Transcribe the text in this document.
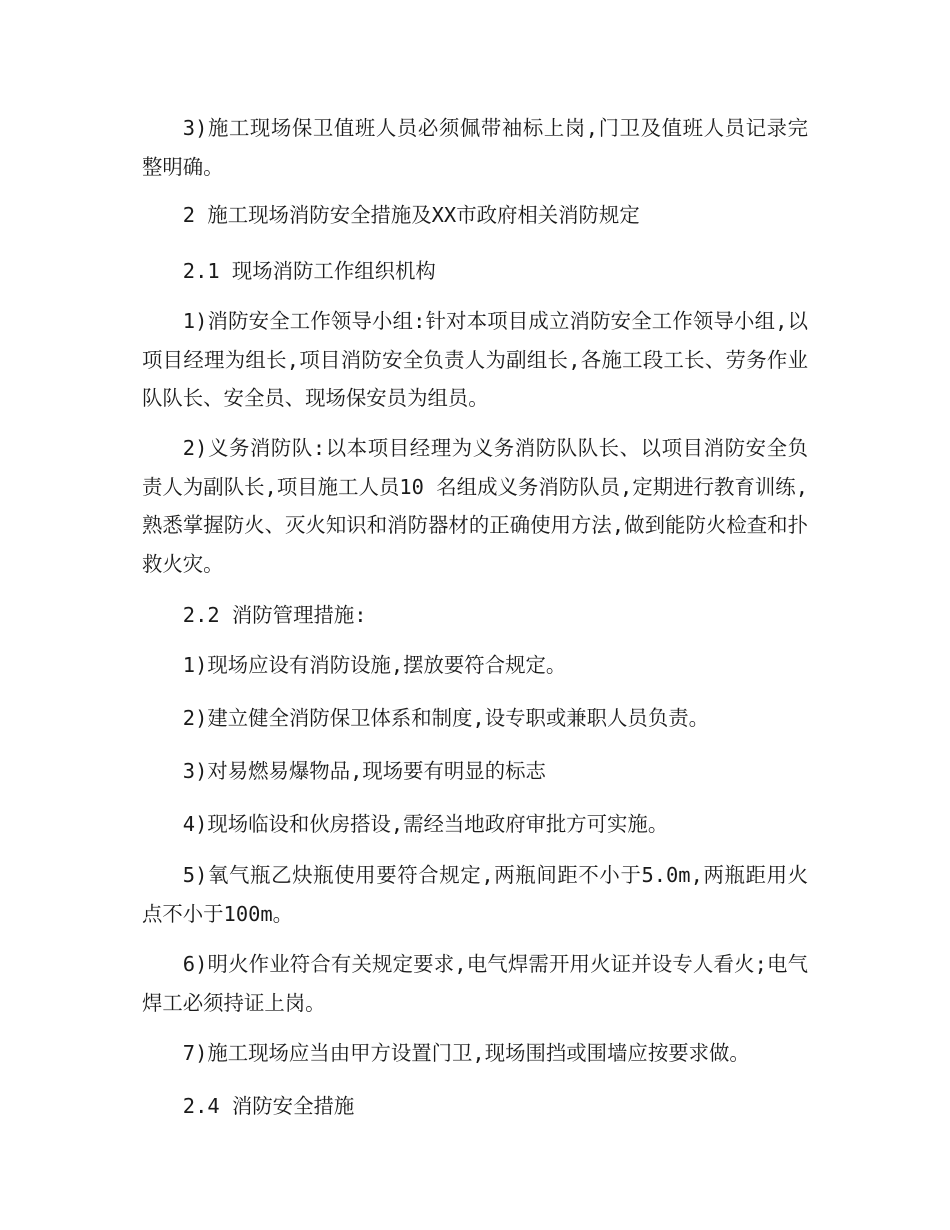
3)施工现场保卫值班人员必须佩带袖标上岗,门卫及值班人员记录完整明确。

2 施工现场消防安全措施及XX市政府相关消防规定

2.1 现场消防工作组织机构

1)消防安全工作领导小组:针对本项目成立消防安全工作领导小组,以项目经理为组长,项目消防安全负责人为副组长,各施工段工长、劳务作业队队长、安全员、现场保安员为组员。

2)义务消防队:以本项目经理为义务消防队队长、以项目消防安全负责人为副队长,项目施工人员10 名组成义务消防队员,定期进行教育训练,熟悉掌握防火、灭火知识和消防器材的正确使用方法,做到能防火检查和扑救火灾。

2.2 消防管理措施:

1)现场应设有消防设施,摆放要符合规定。

2)建立健全消防保卫体系和制度,设专职或兼职人员负责。

3)对易燃易爆物品,现场要有明显的标志

4)现场临设和伙房搭设,需经当地政府审批方可实施。

5)氧气瓶乙炔瓶使用要符合规定,两瓶间距不小于5.0m,两瓶距用火点不小于100m。

6)明火作业符合有关规定要求,电气焊需开用火证并设专人看火;电气焊工必须持证上岗。

7)施工现场应当由甲方设置门卫,现场围挡或围墙应按要求做。

2.4 消防安全措施
